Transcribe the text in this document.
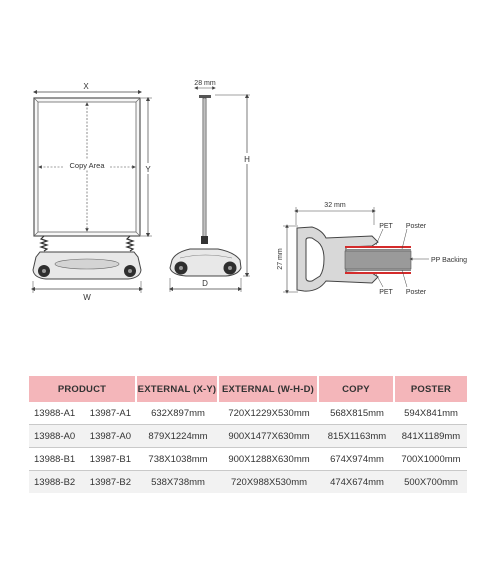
X
Copy Area	Y
W
28 mm
H
D
32 mm
27 mm
PET Poster
PP Backing
PET Poster
PRODUCT	EXTERNAL (X-Y)	EXTERNAL (W-H-D)	COPY	POSTER

13988-A1 13987-A1	632X897mm	720X1229X530mm	568X815mm	594X841mm

13988-A0 13987-A0	879X1224mm	900X1477X630mm	815X1163mm	841X1189mm

13988-B1 13987-B1	738X1038mm	900X1288X630mm	674X974mm	700X1000mm

13988-B2 13987-B2	538X738mm	720X988X530mm	474X674mm	500X700mm
